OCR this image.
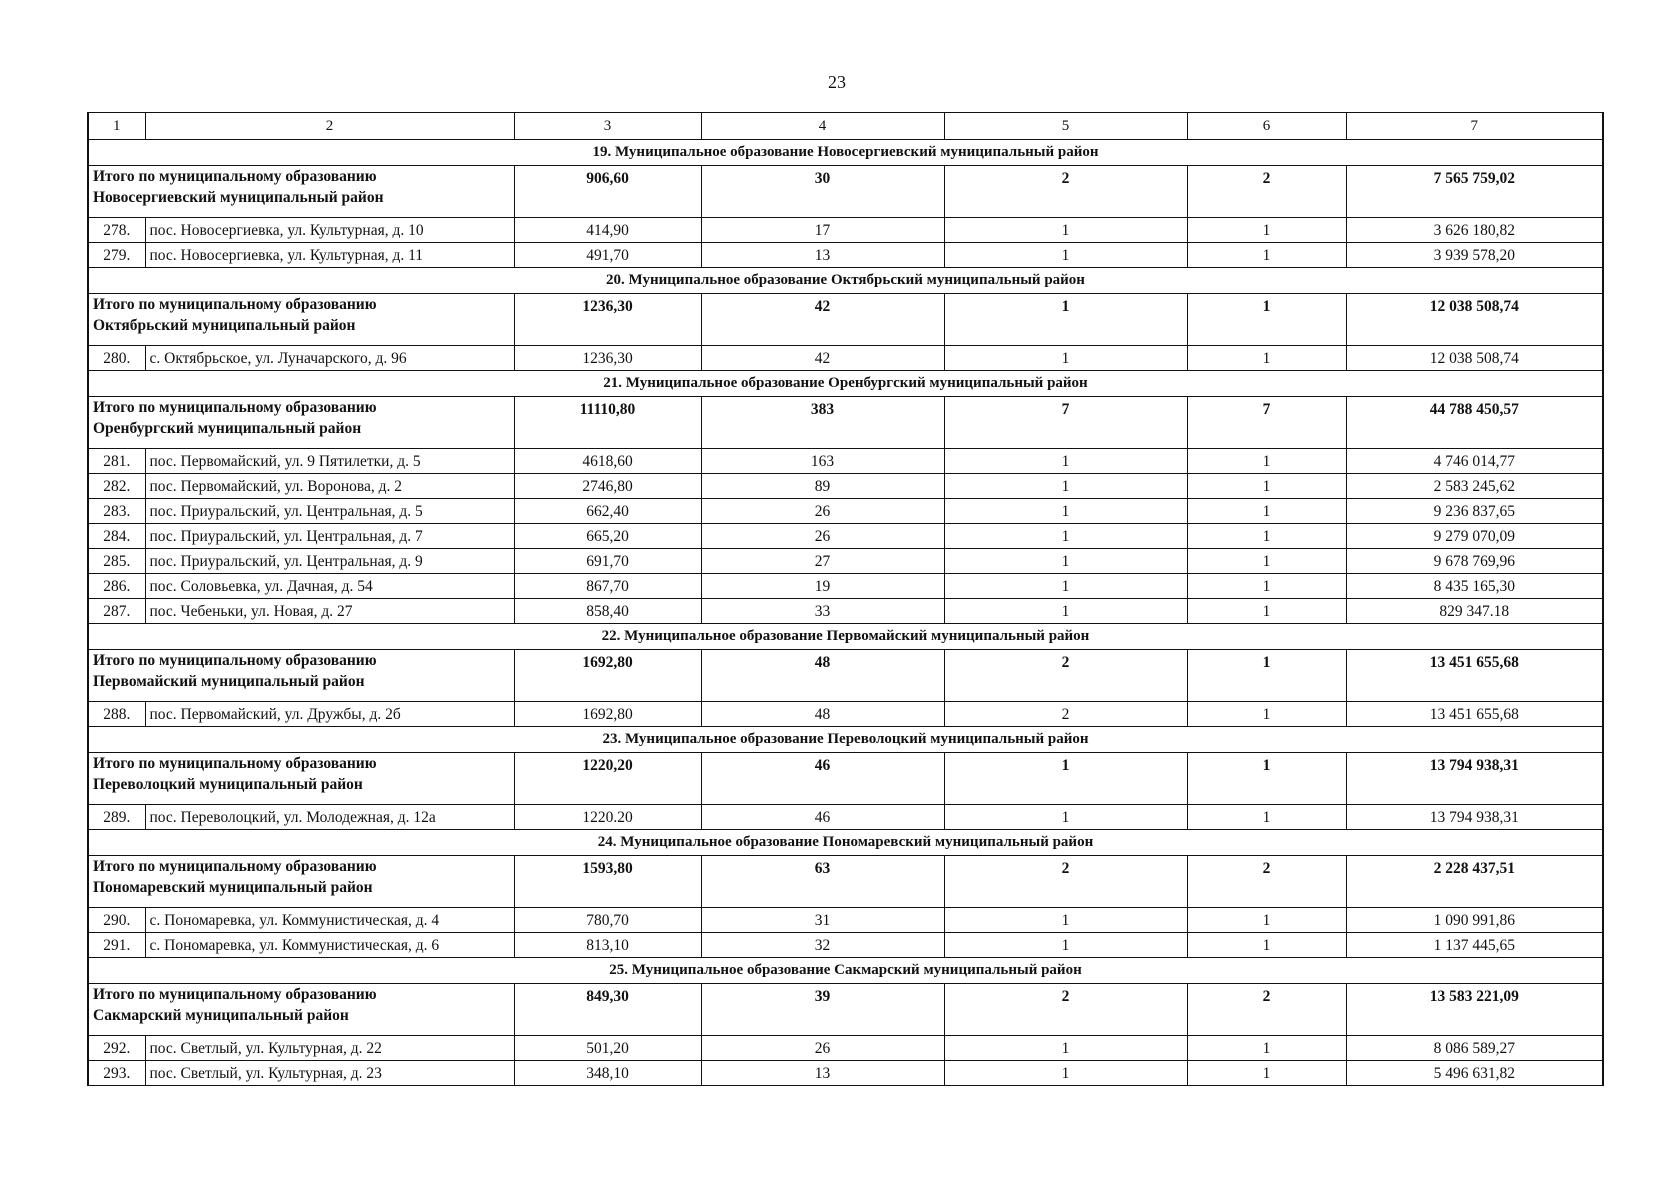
23
1	2	3	4	5	6	7
19. Муниципальное образование Новосергиевский муниципальный район						

Итого по муниципальному образованию
Новосергиевский муниципальный район		906,60	30	2	2	7 565 759,02
278.	пос. Новосергиевка, ул. Культурная, д. 10	414,90	17	1	1	3 626 180,82
279.	пос. Новосергиевка, ул. Культурная, д. 11	491,70	13	1	1	3 939 578,20
20. Муниципальное образование Октябрьский муниципальный район						

Итого по муниципальному образованию
Октябрьский муниципальный район		1236,30	42	1	1	12 038 508,74
280.	с. Октябрьское, ул. Луначарского, д. 96	1236,30	42	1	1	12 038 508,74
21. Муниципальное образование Оренбургский муниципальный район						

Итого по муниципальному образованию
Оренбургский муниципальный район		11110,80	383	7	7	44 788 450,57
281.	пос. Первомайский, ул. 9 Пятилетки, д. 5	4618,60	163	1	1	4 746 014,77
282.	пос. Первомайский, ул. Воронова, д. 2	2746,80	89	1	1	2 583 245,62
283.	пос. Приуральский, ул. Центральная, д. 5	662,40	26	1	1	9 236 837,65
284.	пос. Приуральский, ул. Центральная, д. 7	665,20	26	1	1	9 279 070,09
285.	пос. Приуральский, ул. Центральная, д. 9	691,70	27	1	1	9 678 769,96
286.	пос. Соловьевка, ул. Дачная, д. 54	867,70	19	1	1	8 435 165,30
287.	пос. Чебеньки, ул. Новая, д. 27	858,40	33	1	1	829 347.18
22. Муниципальное образование Первомайский муниципальный район						

Итого по муниципальному образованию
Первомайский муниципальный район		1692,80	48	2	1	13 451 655,68
288.	пос. Первомайский, ул. Дружбы, д. 2б	1692,80	48	2	1	13 451 655,68
23. Муниципальное образование Переволоцкий муниципальный район						

Итого по муниципальному образованию
Переволоцкий муниципальный район		1220,20	46	1	1	13 794 938,31
289.	пос. Переволоцкий, ул. Молодежная, д. 12а	1220.20	46	1	1	13 794 938,31
24. Муниципальное образование Пономаревский муниципальный район						

Итого по муниципальному образованию
Пономаревский муниципальный район		1593,80	63	2	2	2 228 437,51
290.	с. Пономаревка, ул. Коммунистическая, д. 4	780,70	31	1	1	1 090 991,86
291.	с. Пономаревка, ул. Коммунистическая, д. 6	813,10	32	1	1	1 137 445,65
25. Муниципальное образование Сакмарский муниципальный район						

Итого по муниципальному образованию
Сакмарский муниципальный район		849,30	39	2	2	13 583 221,09
292.	пос. Светлый, ул. Культурная, д. 22	501,20	26	1	1	8 086 589,27
293.	пос. Светлый, ул. Культурная, д. 23	348,10	13	1	1	5 496 631,82
